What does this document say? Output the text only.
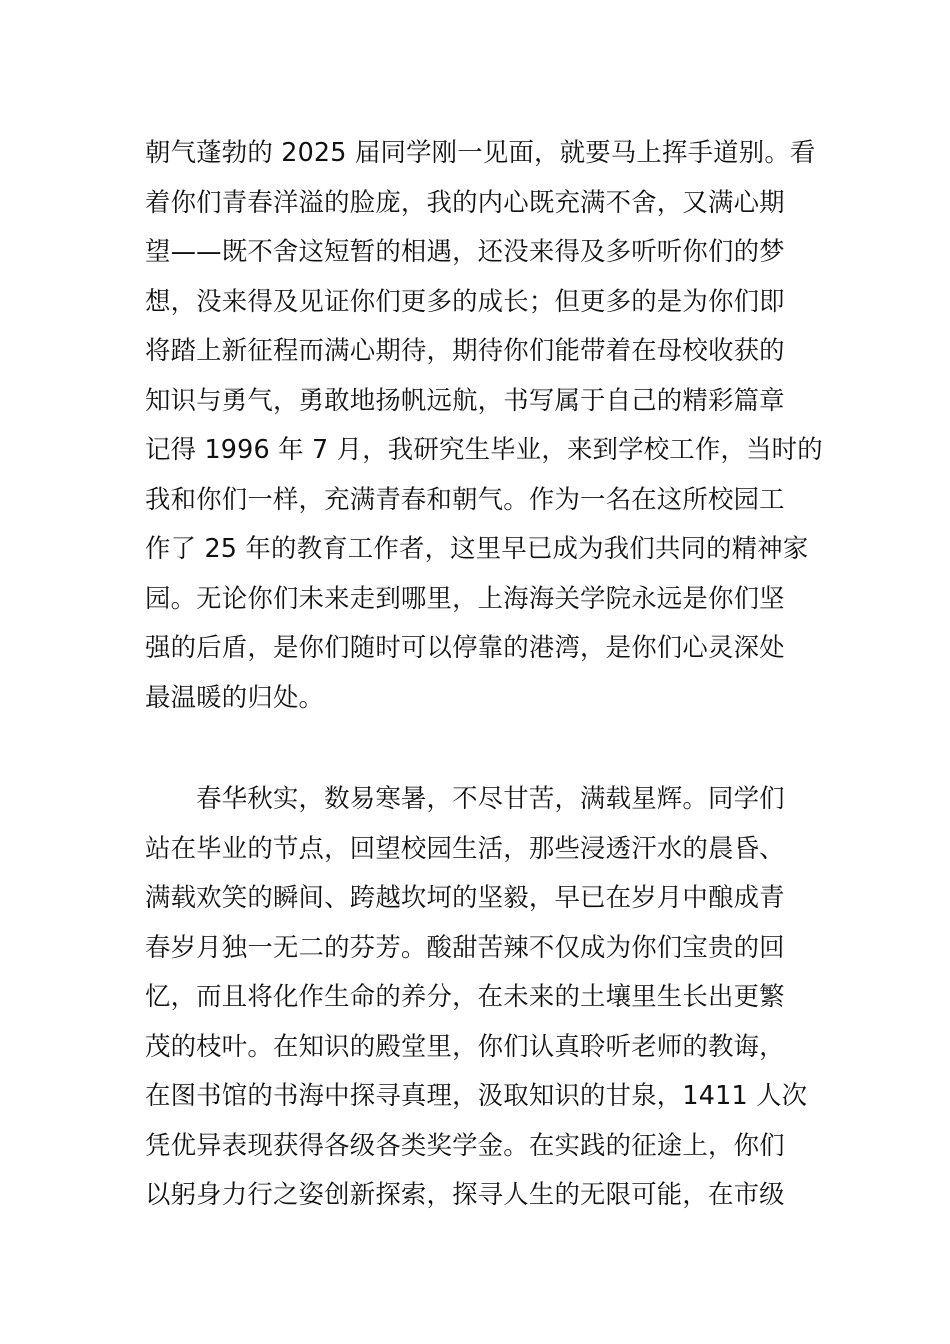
朝气蓬勃的 2025 届同学刚一见面，就要马上挥手道别。看
着你们青春洋溢的脸庞，我的内心既充满不舍，又满心期
望——既不舍这短暂的相遇，还没来得及多听听你们的梦
想，没来得及见证你们更多的成长；但更多的是为你们即
将踏上新征程而满心期待，期待你们能带着在母校收获的
知识与勇气，勇敢地扬帆远航，书写属于自己的精彩篇章
记得 1996 年 7 月，我研究生毕业，来到学校工作，当时的
我和你们一样，充满青春和朝气。作为一名在这所校园工
作了 25 年的教育工作者，这里早已成为我们共同的精神家
园。无论你们未来走到哪里，上海海关学院永远是你们坚
强的后盾，是你们随时可以停靠的港湾，是你们心灵深处
最温暖的归处。
　　春华秋实，数易寒暑，不尽甘苦，满载星辉。同学们
站在毕业的节点，回望校园生活，那些浸透汗水的晨昏、
满载欢笑的瞬间、跨越坎坷的坚毅，早已在岁月中酿成青
春岁月独一无二的芬芳。酸甜苦辣不仅成为你们宝贵的回
忆，而且将化作生命的养分，在未来的土壤里生长出更繁
茂的枝叶。在知识的殿堂里，你们认真聆听老师的教诲，
在图书馆的书海中探寻真理，汲取知识的甘泉，1411 人次
凭优异表现获得各级各类奖学金。在实践的征途上，你们
以躬身力行之姿创新探索，探寻人生的无限可能，在市级
